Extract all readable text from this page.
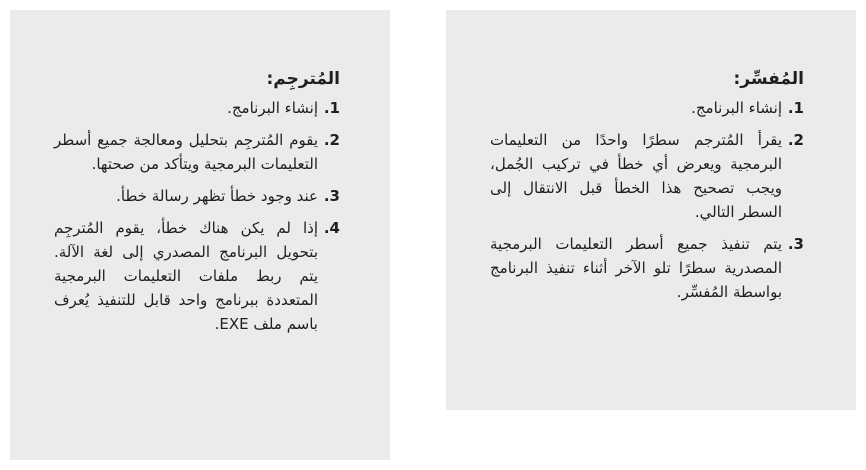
المُفسِّر:
.1
إنشاء البرنامج.
.2
يقرأ المُترجم سطرًا واحدًا من التعليمات البرمجية ويعرض أي خطأ في تركيب الجُمل، ويجب تصحيح هذا الخطأ قبل الانتقال إلى السطر التالي.
.3
يتم تنفيذ جميع أسطر التعليمات البرمجية المصدرية سطرًا تلو الآخر أثناء تنفيذ البرنامج بواسطة المُفسِّر.
المُترجِم:
.1
إنشاء البرنامج.
.2
يقوم المُترجِم بتحليل ومعالجة جميع أسطر التعليمات البرمجية ويتأكد من صحتها.
.3
عند وجود خطأ تظهر رسالة خطأ.
.4
إذا لم يكن هناك خطأ، يقوم المُترجِم بتحويل البرنامج المصدري إلى لغة الآلة. يتم ربط ملفات التعليمات البرمجية المتعددة ببرنامج واحد قابل للتنفيذ يُعرف باسم ملف EXE.
